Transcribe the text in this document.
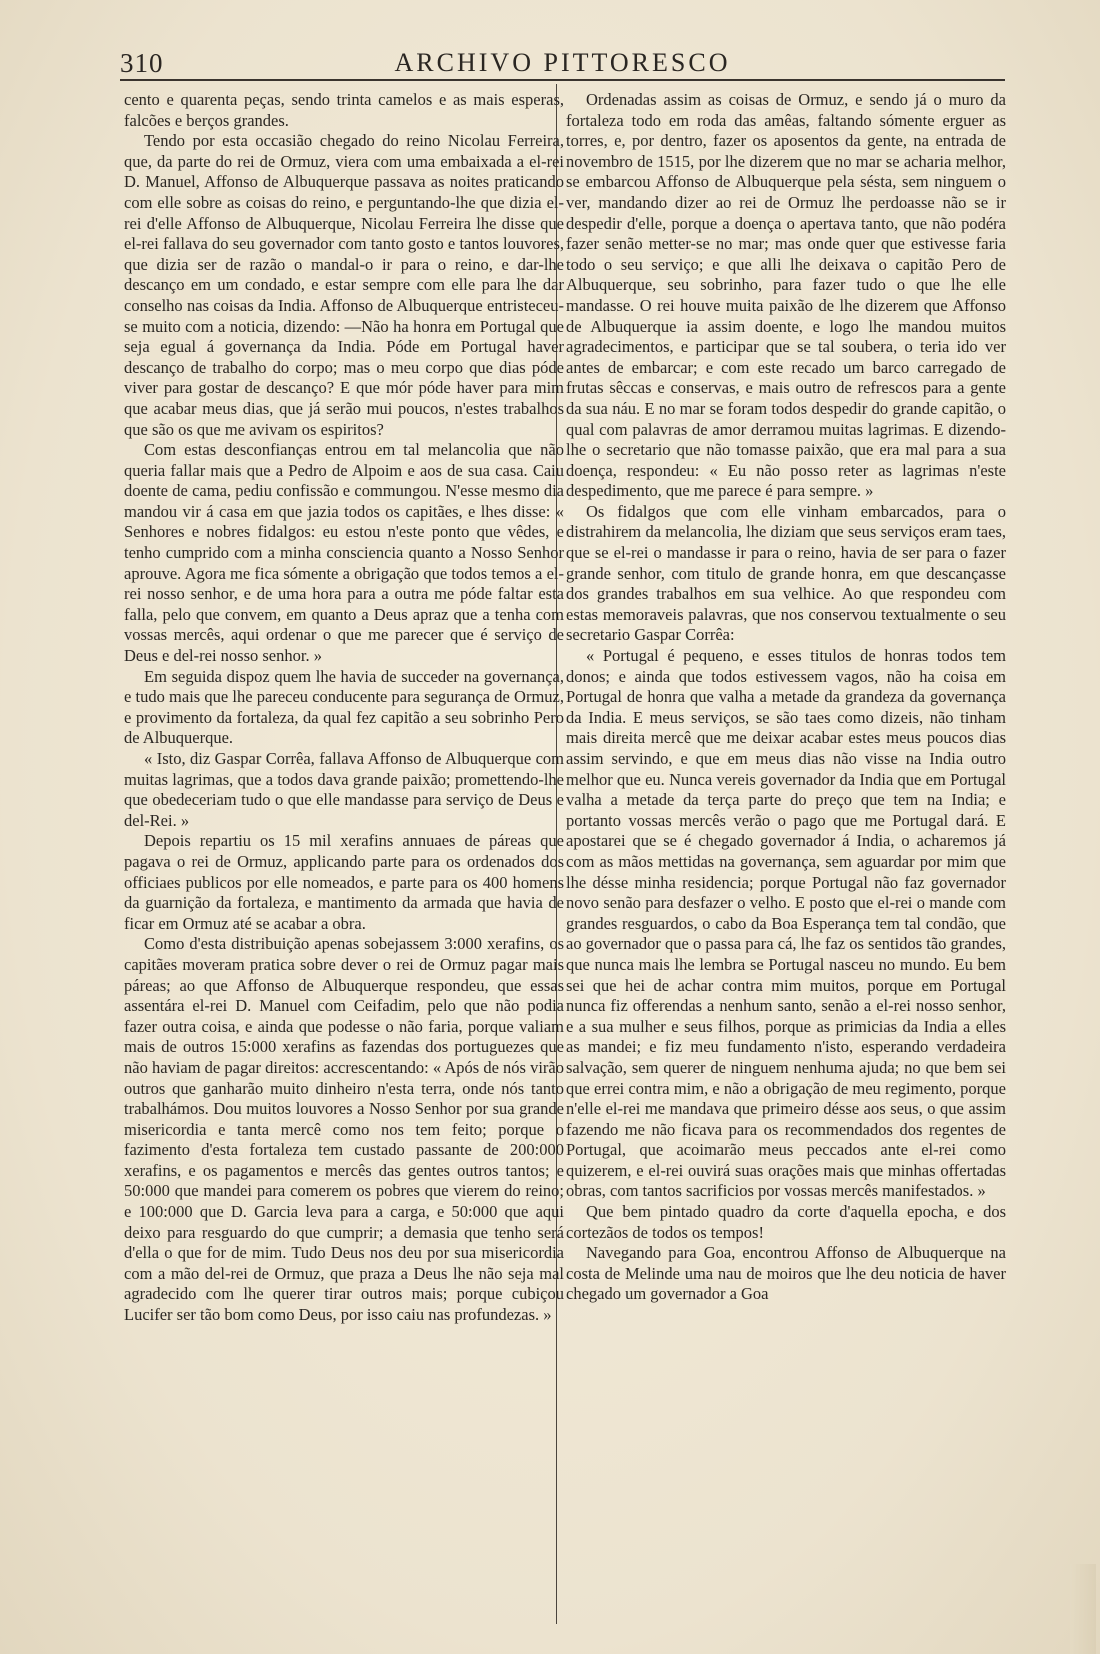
310	ARCHIVO PITTORESCO

cento e quarenta peças, sendo trinta camelos e as mais esperas, falcões e berços grandes.

Tendo por esta occasião chegado do reino Nicolau Ferreira, que, da parte do rei de Ormuz, viera com uma embaixada a el-rei D. Manuel, Affonso de Albuquerque passava as noites praticando com elle sobre as coisas do reino, e perguntando-lhe que dizia el-rei d'elle Affonso de Albuquerque, Nicolau Ferreira lhe disse que el-rei fallava do seu governador com tanto gosto e tantos louvores, que dizia ser de razão o mandal-o ir para o reino, e dar-lhe descanço em um condado, e estar sempre com elle para lhe dar conselho nas coisas da India. Affonso de Albuquerque entristeceu-se muito com a noticia, dizendo: —Não ha honra em Portugal que seja egual á governança da India. Póde em Portugal haver descanço de trabalho do corpo; mas o meu corpo que dias póde viver para gostar de descanço? E que mór póde haver para mim que acabar meus dias, que já serão mui poucos, n'estes trabalhos que são os que me avivam os espiritos?

Com estas desconfianças entrou em tal melancolia que não queria fallar mais que a Pedro de Alpoim e aos de sua casa. Caiu doente de cama, pediu confissão e commungou. N'esse mesmo dia mandou vir á casa em que jazia todos os capitães, e lhes disse: « Senhores e nobres fidalgos: eu estou n'este ponto que vêdes, e tenho cumprido com a minha consciencia quanto a Nosso Senhor aprouve. Agora me fica sómente a obrigação que todos temos a el-rei nosso senhor, e de uma hora para a outra me póde faltar esta falla, pelo que convem, em quanto a Deus apraz que a tenha com vossas mercês, aqui ordenar o que me parecer que é serviço de Deus e del-rei nosso senhor. »

Em seguida dispoz quem lhe havia de succeder na governança, e tudo mais que lhe pareceu conducente para segurança de Ormuz, e provimento da fortaleza, da qual fez capitão a seu sobrinho Pero de Albuquerque.

« Isto, diz Gaspar Corrêa, fallava Affonso de Albuquerque com muitas lagrimas, que a todos dava grande paixão; promettendo-lhe que obedeceriam tudo o que elle mandasse para serviço de Deus e del-Rei. »

Depois repartiu os 15 mil xerafins annuaes de páreas que pagava o rei de Ormuz, applicando parte para os ordenados dos officiaes publicos por elle nomeados, e parte para os 400 homens da guarnição da fortaleza, e mantimento da armada que havia de ficar em Ormuz até se acabar a obra.

Como d'esta distribuição apenas sobejassem 3:000 xerafins, os capitães moveram pratica sobre dever o rei de Ormuz pagar mais páreas; ao que Affonso de Albuquerque respondeu, que essas assentára el-rei D. Manuel com Ceifadim, pelo que não podia fazer outra coisa, e ainda que podesse o não faria, porque valiam mais de outros 15:000 xerafins as fazendas dos portuguezes que não haviam de pagar direitos: accrescentando: « Após de nós virão outros que ganharão muito dinheiro n'esta terra, onde nós tanto trabalhámos. Dou muitos louvores a Nosso Senhor por sua grande misericordia e tanta mercê como nos tem feito; porque o fazimento d'esta fortaleza tem custado passante de 200:000 xerafins, e os pagamentos e mercês das gentes outros tantos; e 50:000 que mandei para comerem os pobres que vierem do reino; e 100:000 que D. Garcia leva para a carga, e 50:000 que aqui deixo para resguardo do que cumprir; a demasia que tenho será d'ella o que for de mim. Tudo Deus nos deu por sua misericordia com a mão del-rei de Ormuz, que praza a Deus lhe não seja mal agradecido com lhe querer tirar outros mais; porque cubiçou Lucifer ser tão bom como Deus, por isso caiu nas profundezas. »

Ordenadas assim as coisas de Ormuz, e sendo já o muro da fortaleza todo em roda das amêas, faltando sómente erguer as torres, e, por dentro, fazer os aposentos da gente, na entrada de novembro de 1515, por lhe dizerem que no mar se acharia melhor, se embarcou Affonso de Albuquerque pela sésta, sem ninguem o ver, mandando dizer ao rei de Ormuz lhe perdoasse não se ir despedir d'elle, porque a doença o apertava tanto, que não podéra fazer senão metter-se no mar; mas onde quer que estivesse faria todo o seu serviço; e que alli lhe deixava o capitão Pero de Albuquerque, seu sobrinho, para fazer tudo o que lhe elle mandasse. O rei houve muita paixão de lhe dizerem que Affonso de Albuquerque ia assim doente, e logo lhe mandou muitos agradecimentos, e participar que se tal soubera, o teria ido ver antes de embarcar; e com este recado um barco carregado de frutas sêccas e conservas, e mais outro de refrescos para a gente da sua náu. E no mar se foram todos despedir do grande capitão, o qual com palavras de amor derramou muitas lagrimas. E dizendo-lhe o secretario que não tomasse paixão, que era mal para a sua doença, respondeu: « Eu não posso reter as lagrimas n'este despedimento, que me parece é para sempre. »

Os fidalgos que com elle vinham embarcados, para o distrahirem da melancolia, lhe diziam que seus serviços eram taes, que se el-rei o mandasse ir para o reino, havia de ser para o fazer grande senhor, com titulo de grande honra, em que descançasse dos grandes trabalhos em sua velhice. Ao que respondeu com estas memoraveis palavras, que nos conservou textualmente o seu secretario Gaspar Corrêa:

« Portugal é pequeno, e esses titulos de honras todos tem donos; e ainda que todos estivessem vagos, não ha coisa em Portugal de honra que valha a metade da grandeza da governança da India. E meus serviços, se são taes como dizeis, não tinham mais direita mercê que me deixar acabar estes meus poucos dias assim servindo, e que em meus dias não visse na India outro melhor que eu. Nunca vereis governador da India que em Portugal valha a metade da terça parte do preço que tem na India; e portanto vossas mercês verão o pago que me Portugal dará. E apostarei que se é chegado governador á India, o acharemos já com as mãos mettidas na governança, sem aguardar por mim que lhe désse minha residencia; porque Portugal não faz governador novo senão para desfazer o velho. E posto que el-rei o mande com grandes resguardos, o cabo da Boa Esperança tem tal condão, que ao governador que o passa para cá, lhe faz os sentidos tão grandes, que nunca mais lhe lembra se Portugal nasceu no mundo. Eu bem sei que hei de achar contra mim muitos, porque em Portugal nunca fiz offerendas a nenhum santo, senão a el-rei nosso senhor, e a sua mulher e seus filhos, porque as primicias da India a elles as mandei; e fiz meu fundamento n'isto, esperando verdadeira salvação, sem querer de ninguem nenhuma ajuda; no que bem sei que errei contra mim, e não a obrigação de meu regimento, porque n'elle el-rei me mandava que primeiro désse aos seus, o que assim fazendo me não ficava para os recommendados dos regentes de Portugal, que acoimarão meus peccados ante el-rei como quizerem, e el-rei ouvirá suas orações mais que minhas offertadas obras, com tantos sacrificios por vossas mercês manifestados. »

Que bem pintado quadro da corte d'aquella epocha, e dos cortezãos de todos os tempos!

Navegando para Goa, encontrou Affonso de Albuquerque na costa de Melinde uma nau de moiros que lhe deu noticia de haver chegado um governador a Goa
